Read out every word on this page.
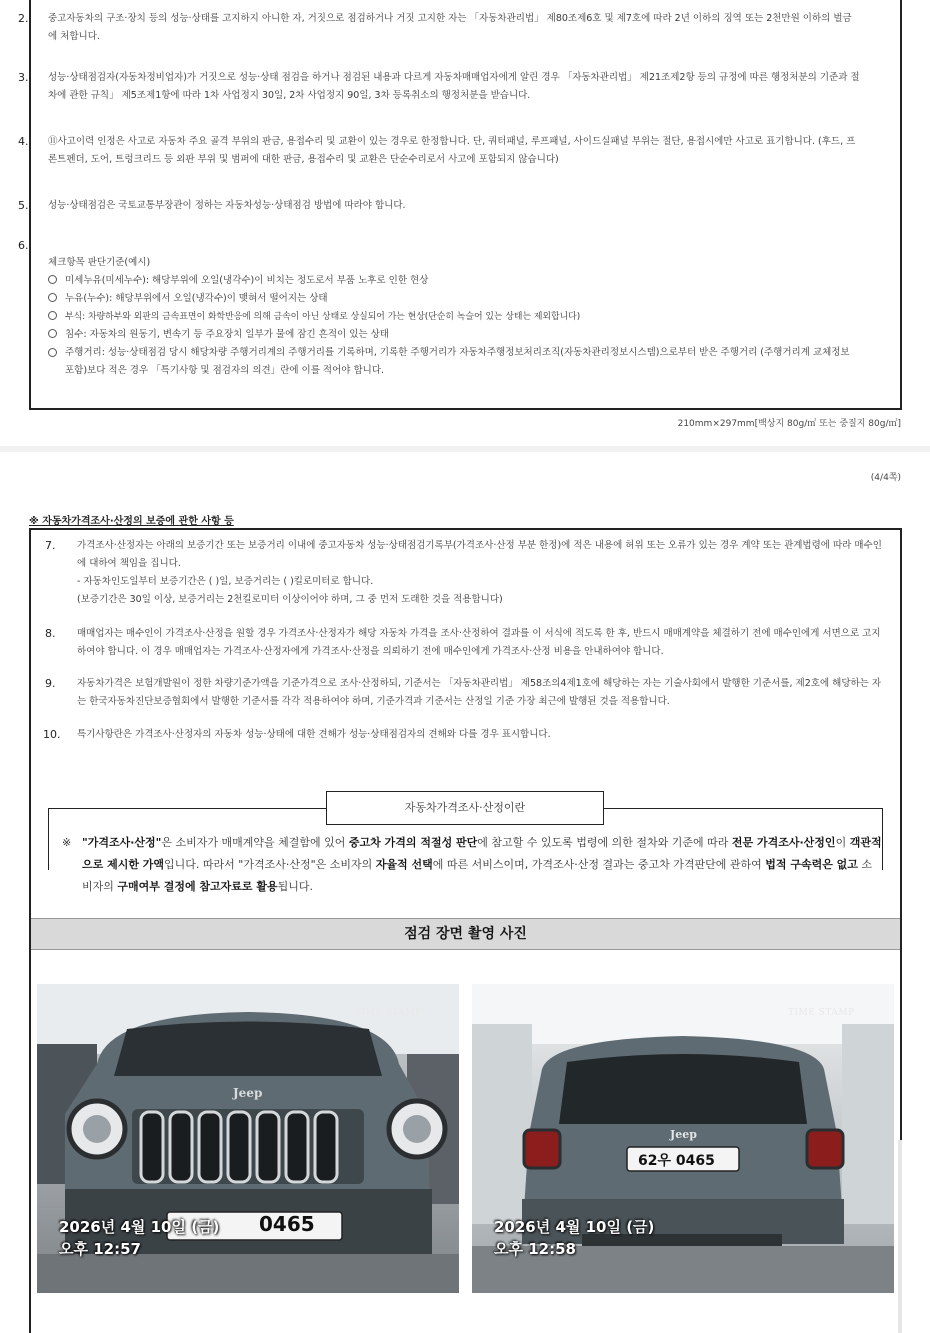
2. 중고자동차의 구조·장치 등의 성능·상태를 고지하지 아니한 자, 거짓으로 점검하거나 거짓 고지한 자는 「자동차관리법」 제80조제6호 및 제7호에 따라 2년 이하의 징역 또는 2천만원 이하의 벌금에 처합니다.
3. 성능·상태점검자(자동차정비업자)가 거짓으로 성능·상태 점검을 하거나 점검된 내용과 다르게 자동차매매업자에게 알린 경우 「자동차관리법」 제21조제2항 등의 규정에 따른 행정처분의 기준과 절차에 관한 규칙」 제5조제1항에 따라 1차 사업정지 30일, 2차 사업정지 90일, 3차 등록취소의 행정처분을 받습니다.
4. ⑪사고이력 인정은 사고로 자동차 주요 골격 부위의 판금, 용접수리 및 교환이 있는 경우로 한정합니다. 단, 쿼터패널, 루프패널, 사이드실패널 부위는 절단, 용접시에만 사고로 표기합니다. (후드, 프론트펜더, 도어, 트렁크리드 등 외판 부위 및 범퍼에 대한 판금, 용접수리 및 교환은 단순수리로서 사고에 포함되지 않습니다)
5. 성능·상태점검은 국토교통부장관이 정하는 자동차성능·상태점검 방법에 따라야 합니다.
6.
체크항목 판단기준(예시)
미세누유(미세누수): 해당부위에 오일(냉각수)이 비치는 정도로서 부품 노후로 인한 현상
누유(누수): 해당부위에서 오일(냉각수)이 맺혀서 떨어지는 상태
부식: 차량하부와 외판의 금속표면이 화학반응에 의해 금속이 아닌 상태로 상실되어 가는 현상(단순히 녹슬어 있는 상태는 제외합니다)
침수: 자동차의 원동기, 변속기 등 주요장치 일부가 물에 잠긴 흔적이 있는 상태
주행거리: 성능·상태점검 당시 해당차량 주행거리계의 주행거리를 기록하며, 기록한 주행거리가 자동차주행정보처리조직(자동차관리정보시스템)으로부터 받은 주행거리 (주행거리계 교체정보 포함)보다 적은 경우 「특기사항 및 점검자의 의견」란에 이를 적어야 합니다.
210mm×297mm[백상지 80g/㎡ 또는 중질지 80g/㎡]
(4/4쪽)
※ 자동차가격조사·산정의 보증에 관한 사항 등
7. 가격조사·산정자는 아래의 보증기간 또는 보증거리 이내에 중고자동차 성능·상태점검기록부(가격조사·산정 부분 한정)에 적은 내용에 허위 또는 오류가 있는 경우 계약 또는 관계법령에 따라 매수인에 대하여 책임을 집니다.
- 자동차인도일부터 보증기간은 ( )일, 보증거리는 ( )킬로미터로 합니다.
(보증기간은 30일 이상, 보증거리는 2천킬로미터 이상이어야 하며, 그 중 먼저 도래한 것을 적용합니다)
8. 매매업자는 매수인이 가격조사·산정을 원할 경우 가격조사·산정자가 해당 자동차 가격을 조사·산정하여 결과를 이 서식에 적도록 한 후, 반드시 매매계약을 체결하기 전에 매수인에게 서면으로 고지하여야 합니다. 이 경우 매매업자는 가격조사·산정자에게 가격조사·산정을 의뢰하기 전에 매수인에게 가격조사·산정 비용을 안내하여야 합니다.
9. 자동차가격은 보험개발원이 정한 차량기준가액을 기준가격으로 조사·산정하되, 기준서는 「자동차관리법」 제58조의4제1호에 해당하는 자는 기술사회에서 발행한 기준서를, 제2호에 해당하는 자는 한국자동차진단보증협회에서 발행한 기준서를 각각 적용하여야 하며, 기준가격과 기준서는 산정일 기준 가장 최근에 발행된 것을 적용합니다.
10. 특기사항란은 가격조사·산정자의 자동차 성능·상태에 대한 견해가 성능·상태점검자의 견해와 다를 경우 표시합니다.
자동차가격조사·산정이란
※ "가격조사·산정"은 소비자가 매매계약을 체결함에 있어 중고차 가격의 적절성 판단에 참고할 수 있도록 법령에 의한 절차와 기준에 따라 전문 가격조사·산정인이 객관적으로 제시한 가액입니다. 따라서 "가격조사·산정"은 소비자의 자율적 선택에 따른 서비스이며, 가격조사·산정 결과는 중고차 가격판단에 관하여 법적 구속력은 없고 소비자의 구매여부 결정에 참고자료로 활용됩니다.
점검 장면 촬영 사진
Jeep
TIME STAMP
0465
2026년 4월 10일 (금)
오후 12:57
Jeep
TIME STAMP
62우 0465
2026년 4월 10일 (금)
오후 12:58
